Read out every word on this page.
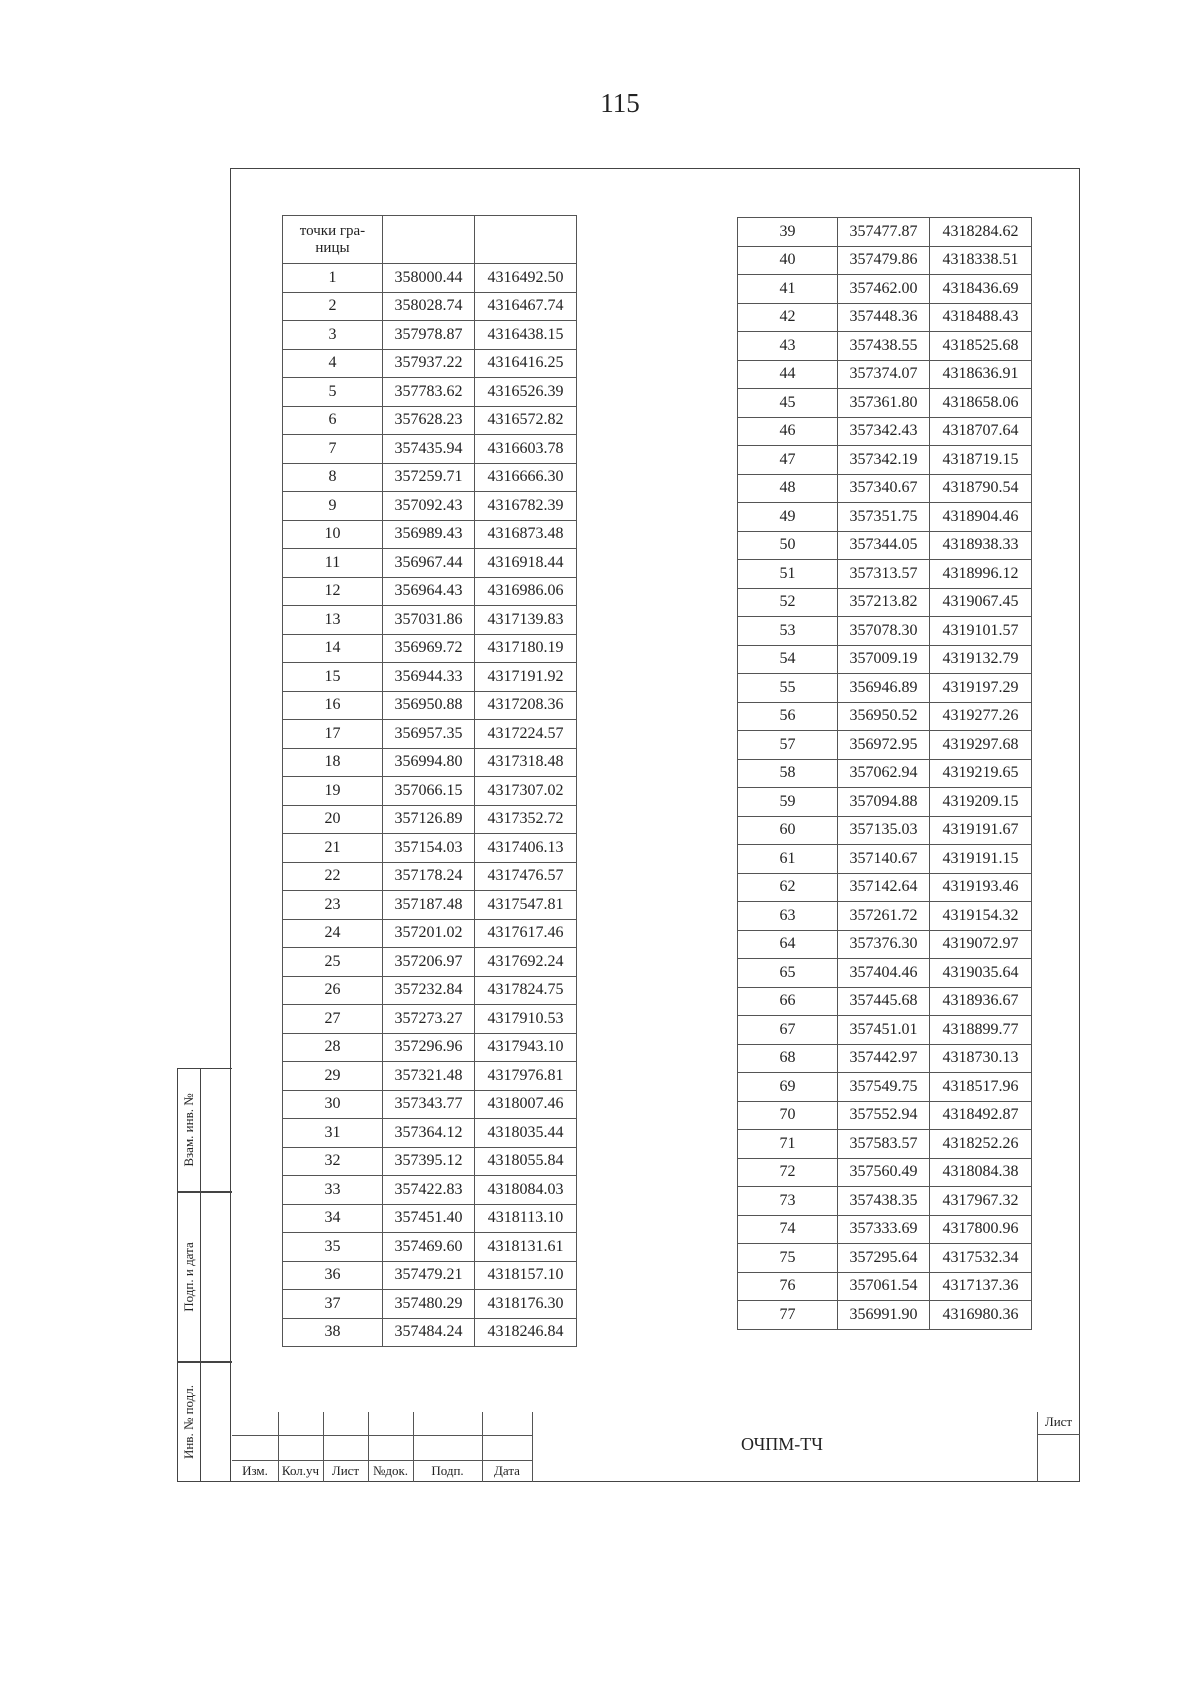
115
точки гра-
ницы		

1	358000.44	4316492.50
2	358028.74	4316467.74
3	357978.87	4316438.15
4	357937.22	4316416.25
5	357783.62	4316526.39
6	357628.23	4316572.82
7	357435.94	4316603.78
8	357259.71	4316666.30
9	357092.43	4316782.39
10	356989.43	4316873.48
11	356967.44	4316918.44
12	356964.43	4316986.06
13	357031.86	4317139.83
14	356969.72	4317180.19
15	356944.33	4317191.92
16	356950.88	4317208.36
17	356957.35	4317224.57
18	356994.80	4317318.48
19	357066.15	4317307.02
20	357126.89	4317352.72
21	357154.03	4317406.13
22	357178.24	4317476.57
23	357187.48	4317547.81
24	357201.02	4317617.46
25	357206.97	4317692.24
26	357232.84	4317824.75
27	357273.27	4317910.53
28	357296.96	4317943.10
29	357321.48	4317976.81
30	357343.77	4318007.46
31	357364.12	4318035.44
32	357395.12	4318055.84
33	357422.83	4318084.03
34	357451.40	4318113.10
35	357469.60	4318131.61
36	357479.21	4318157.10
37	357480.29	4318176.30
38	357484.24	4318246.84
39	357477.87	4318284.62
40	357479.86	4318338.51
41	357462.00	4318436.69
42	357448.36	4318488.43
43	357438.55	4318525.68
44	357374.07	4318636.91
45	357361.80	4318658.06
46	357342.43	4318707.64
47	357342.19	4318719.15
48	357340.67	4318790.54
49	357351.75	4318904.46
50	357344.05	4318938.33
51	357313.57	4318996.12
52	357213.82	4319067.45
53	357078.30	4319101.57
54	357009.19	4319132.79
55	356946.89	4319197.29
56	356950.52	4319277.26
57	356972.95	4319297.68
58	357062.94	4319219.65
59	357094.88	4319209.15
60	357135.03	4319191.67
61	357140.67	4319191.15
62	357142.64	4319193.46
63	357261.72	4319154.32
64	357376.30	4319072.97
65	357404.46	4319035.64
66	357445.68	4318936.67
67	357451.01	4318899.77
68	357442.97	4318730.13
69	357549.75	4318517.96
70	357552.94	4318492.87
71	357583.57	4318252.26
72	357560.49	4318084.38
73	357438.35	4317967.32
74	357333.69	4317800.96
75	357295.64	4317532.34
76	357061.54	4317137.36
77	356991.90	4316980.36
Взам. инв. №
Подп. и дата
Инв. № подл.
Изм.	Кол.уч Лист	№док.	Подп.	Дата
ОЧПМ-ТЧ
Лист
